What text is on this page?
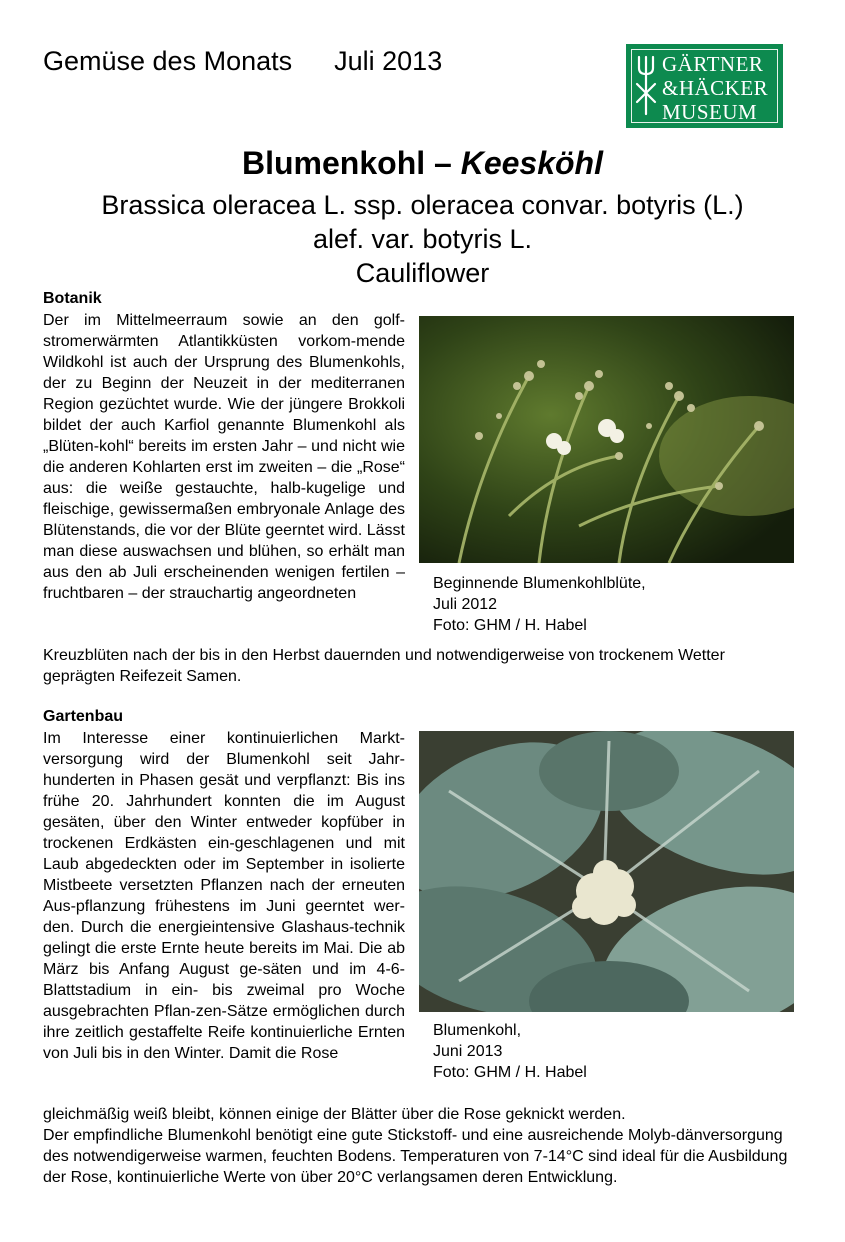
Gemüse des Monats Juli 2013	GÄRTNER
&HÄCKER
MUSEUM
Blumenkohl – Keesköhl
Brassica oleracea L. ssp. oleracea convar. botyris (L.)
alef. var. botyris L.
Cauliflower
Botanik

Der im Mittelmeerraum sowie an den golf-stromerwärmten Atlantikküsten vorkom-mende Wildkohl ist auch der Ursprung des Blumenkohls, der zu Beginn der Neuzeit in der mediterranen Region gezüchtet wurde. Wie der jüngere Brokkoli bildet der auch Karfiol genannte Blumenkohl als „Blüten-kohl“ bereits im ersten Jahr – und nicht wie die anderen Kohlarten erst im zweiten – die „Rose“ aus: die weiße gestauchte, halb-kugelige und fleischige, gewissermaßen embryonale Anlage des Blütenstands, die vor der Blüte geerntet wird. Lässt man diese auswachsen und blühen, so erhält man aus den ab Juli erscheinenden wenigen fertilen – fruchtbaren – der strauchartig angeordneten

Beginnende Blumenkohlblüte,
Juli 2012
Foto: GHM / H. Habel

Kreuzblüten nach der bis in den Herbst dauernden und notwendigerweise von trockenem Wetter geprägten Reifezeit Samen.

Gartenbau

Im Interesse einer kontinuierlichen Markt-versorgung wird der Blumenkohl seit Jahr-hunderten in Phasen gesät und verpflanzt: Bis ins frühe 20. Jahrhundert konnten die im August gesäten, über den Winter entweder kopfüber in trockenen Erdkästen ein-geschlagenen und mit Laub abgedeckten oder im September in isolierte Mistbeete versetzten Pflanzen nach der erneuten Aus-pflanzung frühestens im Juni geerntet wer-den. Durch die energieintensive Glashaus-technik gelingt die erste Ernte heute bereits im Mai. Die ab März bis Anfang August ge-säten und im 4-6-Blattstadium in ein- bis zweimal pro Woche ausgebrachten Pflan-zen-Sätze ermöglichen durch ihre zeitlich gestaffelte Reife kontinuierliche Ernten von Juli bis in den Winter. Damit die Rose

Blumenkohl,
Juni 2013
Foto: GHM / H. Habel

gleichmäßig weiß bleibt, können einige der Blätter über die Rose geknickt werden.

Der empfindliche Blumenkohl benötigt eine gute Stickstoff- und eine ausreichende Molyb-dänversorgung des notwendigerweise warmen, feuchten Bodens. Temperaturen von 7-14°C sind ideal für die Ausbildung der Rose, kontinuierliche Werte von über 20°C verlangsamen deren Entwicklung.
